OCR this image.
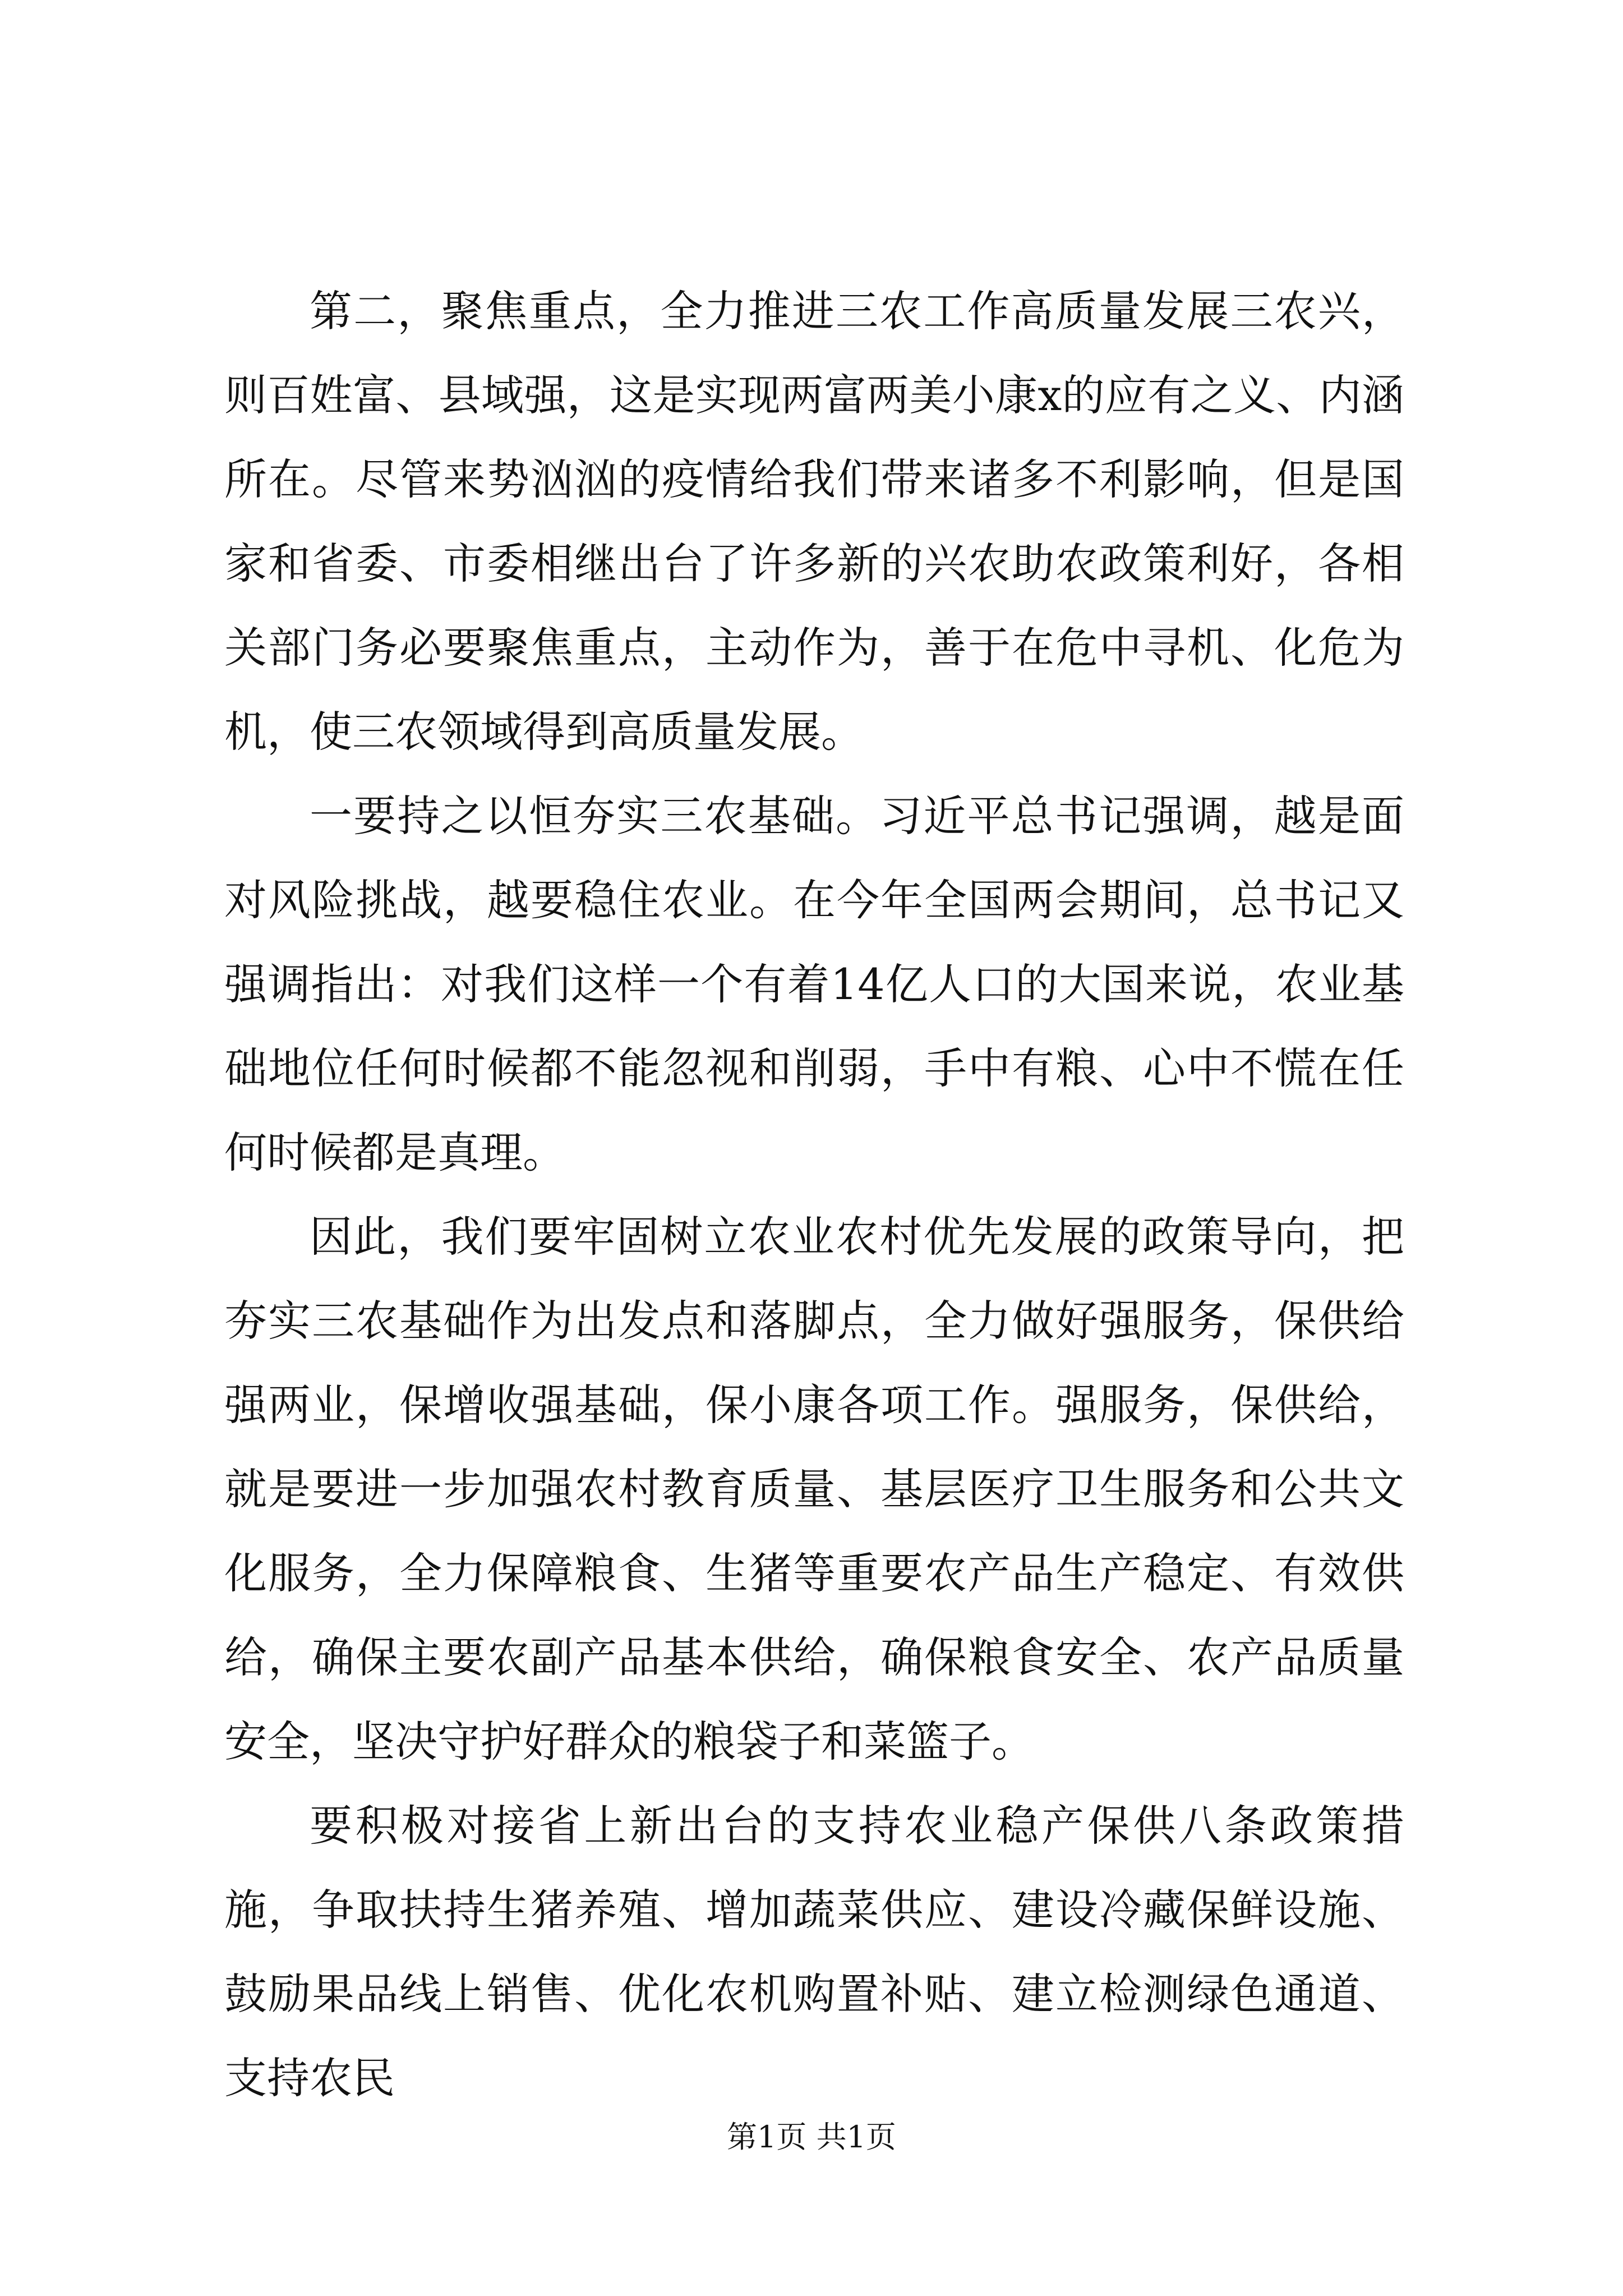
第二，聚焦重点，全力推进三农工作高质量发展三农兴，则百姓富、县域强，这是实现两富两美小康x的应有之义、内涵所在。尽管来势汹汹的疫情给我们带来诸多不利影响，但是国家和省委、市委相继出台了许多新的兴农助农政策利好，各相关部门务必要聚焦重点，主动作为，善于在危中寻机、化危为机，使三农领域得到高质量发展。

一要持之以恒夯实三农基础。习近平总书记强调，越是面对风险挑战，越要稳住农业。在今年全国两会期间，总书记又强调指出：对我们这样一个有着14亿人口的大国来说，农业基础地位任何时候都不能忽视和削弱，手中有粮、心中不慌在任何时候都是真理。

因此，我们要牢固树立农业农村优先发展的政策导向，把夯实三农基础作为出发点和落脚点，全力做好强服务，保供给强两业，保增收强基础，保小康各项工作。强服务，保供给，就是要进一步加强农村教育质量、基层医疗卫生服务和公共文化服务，全力保障粮食、生猪等重要农产品生产稳定、有效供给，确保主要农副产品基本供给，确保粮食安全、农产品质量安全，坚决守护好群众的粮袋子和菜篮子。

要积极对接省上新出台的支持农业稳产保供八条政策措施，争取扶持生猪养殖、增加蔬菜供应、建设冷藏保鲜设施、鼓励果品线上销售、优化农机购置补贴、建立检测绿色通道、支持农民

第1页 共1页
